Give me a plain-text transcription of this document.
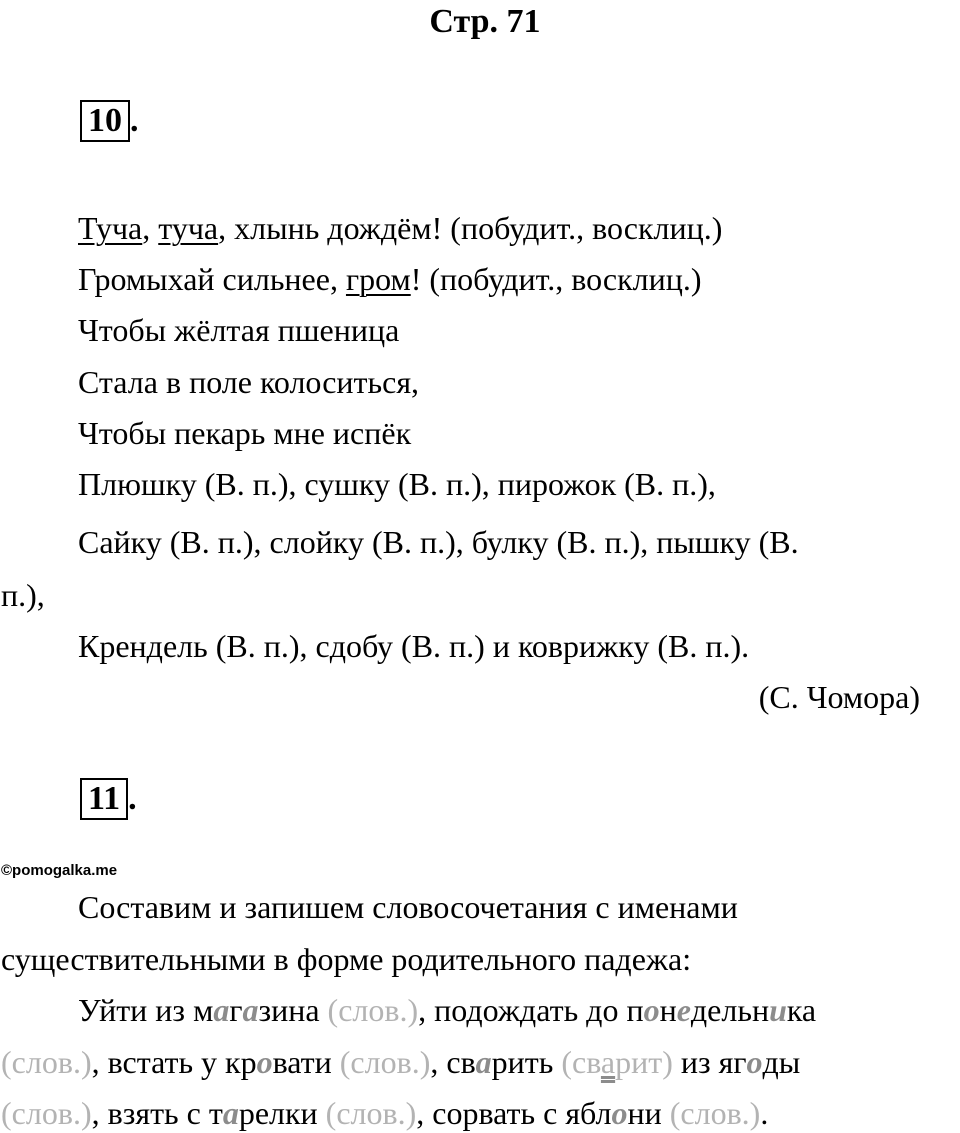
Стр. 71
10 .
Туча, туча, хлынь дождём! (побудит., восклиц.)
Громыхай сильнее, гром! (побудит., восклиц.)
Чтобы жёлтая пшеница
Стала в поле колоситься,
Чтобы пекарь мне испёк
Плюшку (В. п.), сушку (В. п.), пирожок (В. п.),
Сайку (В. п.), слойку (В. п.), булку (В. п.), пышку (В.
п.),
Крендель (В. п.), сдобу (В. п.) и коврижку (В. п.).
(С. Чомора)
11 .
©pomogalka.me
Составим и запишем словосочетания с именами
существительными в форме родительного падежа:
Уйти из магазина (слов.), подождать до понедельника
(слов.), встать у кровати (слов.), сварить (сварит) из ягоды
(слов.), взять с тарелки (слов.), сорвать с яблони (слов.).
